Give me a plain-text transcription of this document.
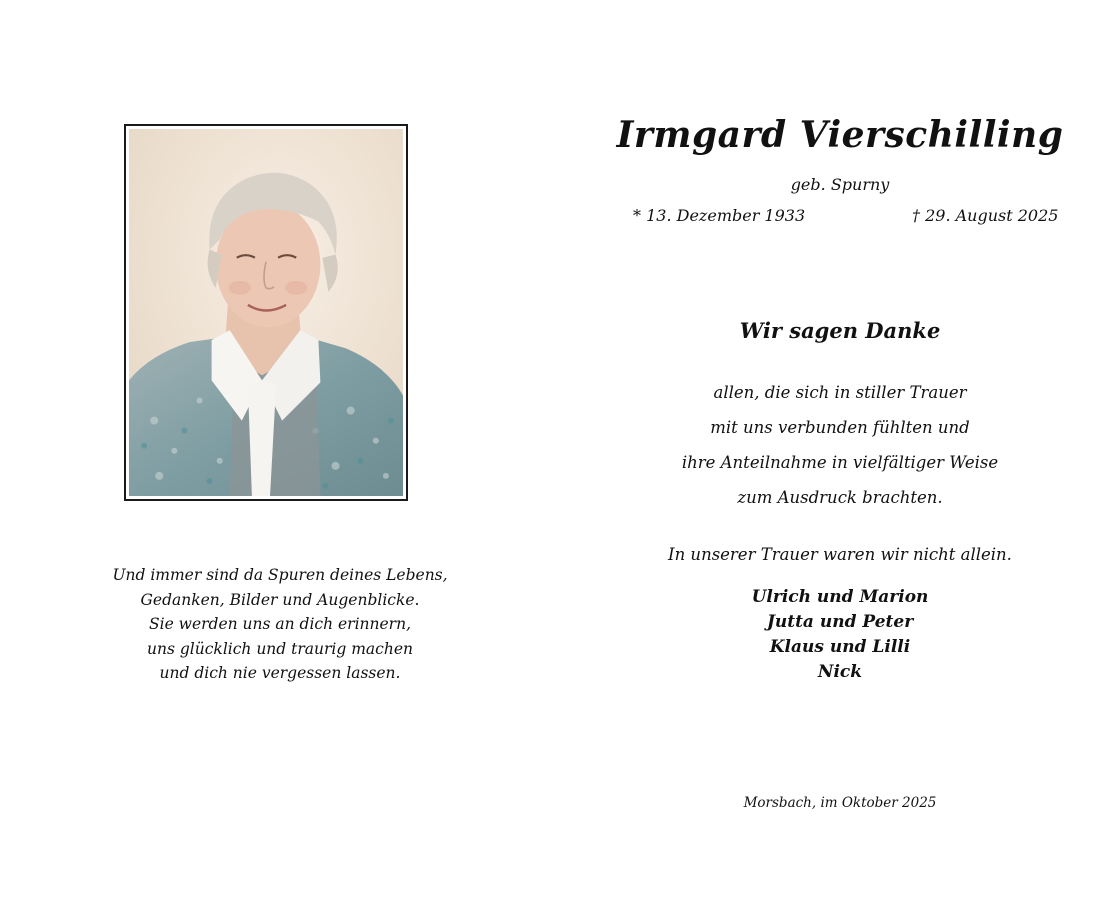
Und immer sind da Spuren deines Lebens,
Gedanken, Bilder und Augenblicke.
Sie werden uns an dich erinnern,
uns glücklich und traurig machen
und dich nie vergessen lassen.
Irmgard Vierschilling
geb. Spurny
* 13. Dezember 1933	† 29. August 2025
Wir sagen Danke
allen, die sich in stiller Trauer
mit uns verbunden fühlten und
ihre Anteilnahme in vielfältiger Weise
zum Ausdruck brachten.
In unserer Trauer waren wir nicht allein.
Ulrich und Marion
Jutta und Peter
Klaus und Lilli
Nick
Morsbach, im Oktober 2025
